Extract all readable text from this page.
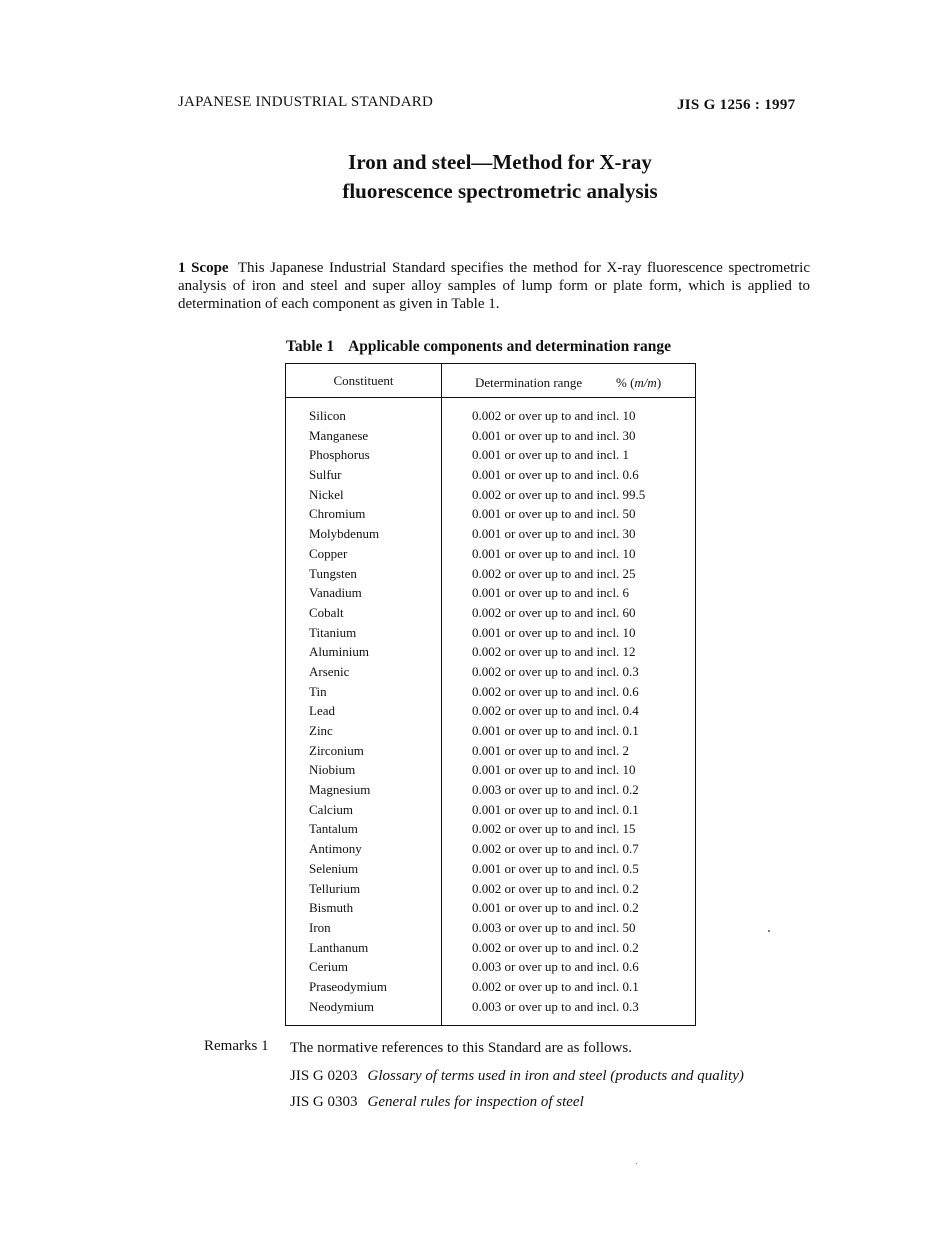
JAPANESE INDUSTRIAL STANDARD	JIS G 1256 : 1997
Iron and steel—Method for X-ray
fluorescence spectrometric analysis
1 Scope This Japanese Industrial Standard specifies the method for X-ray fluorescence spectrometric analysis of iron and steel and super alloy samples of lump form or plate form, which is applied to determination of each component as given in Table 1.
Table 1 Applicable components and determination range
Constituent	Determination range	% (m/m)
Silicon	0.002 or over up to and incl. 10
Manganese	0.001 or over up to and incl. 30
Phosphorus	0.001 or over up to and incl. 1
Sulfur	0.001 or over up to and incl. 0.6
Nickel	0.002 or over up to and incl. 99.5
Chromium	0.001 or over up to and incl. 50
Molybdenum	0.001 or over up to and incl. 30
Copper	0.001 or over up to and incl. 10
Tungsten	0.002 or over up to and incl. 25
Vanadium	0.001 or over up to and incl. 6
Cobalt	0.002 or over up to and incl. 60
Titanium	0.001 or over up to and incl. 10
Aluminium	0.002 or over up to and incl. 12
Arsenic	0.002 or over up to and incl. 0.3
Tin	0.002 or over up to and incl. 0.6
Lead	0.002 or over up to and incl. 0.4
Zinc	0.001 or over up to and incl. 0.1
Zirconium	0.001 or over up to and incl. 2
Niobium	0.001 or over up to and incl. 10
Magnesium	0.003 or over up to and incl. 0.2
Calcium	0.001 or over up to and incl. 0.1
Tantalum	0.002 or over up to and incl. 15
Antimony	0.002 or over up to and incl. 0.7
Selenium	0.001 or over up to and incl. 0.5
Tellurium	0.002 or over up to and incl. 0.2
Bismuth	0.001 or over up to and incl. 0.2
Iron	0.003 or over up to and incl. 50
Lanthanum	0.002 or over up to and incl. 0.2
Cerium	0.003 or over up to and incl. 0.6
Praseodymium	0.002 or over up to and incl. 0.1
Neodymium	0.003 or over up to and incl. 0.3
Remarks 1 The normative references to this Standard are as follows.
JIS G 0203 Glossary of terms used in iron and steel (products and quality)
JIS G 0303 General rules for inspection of steel
